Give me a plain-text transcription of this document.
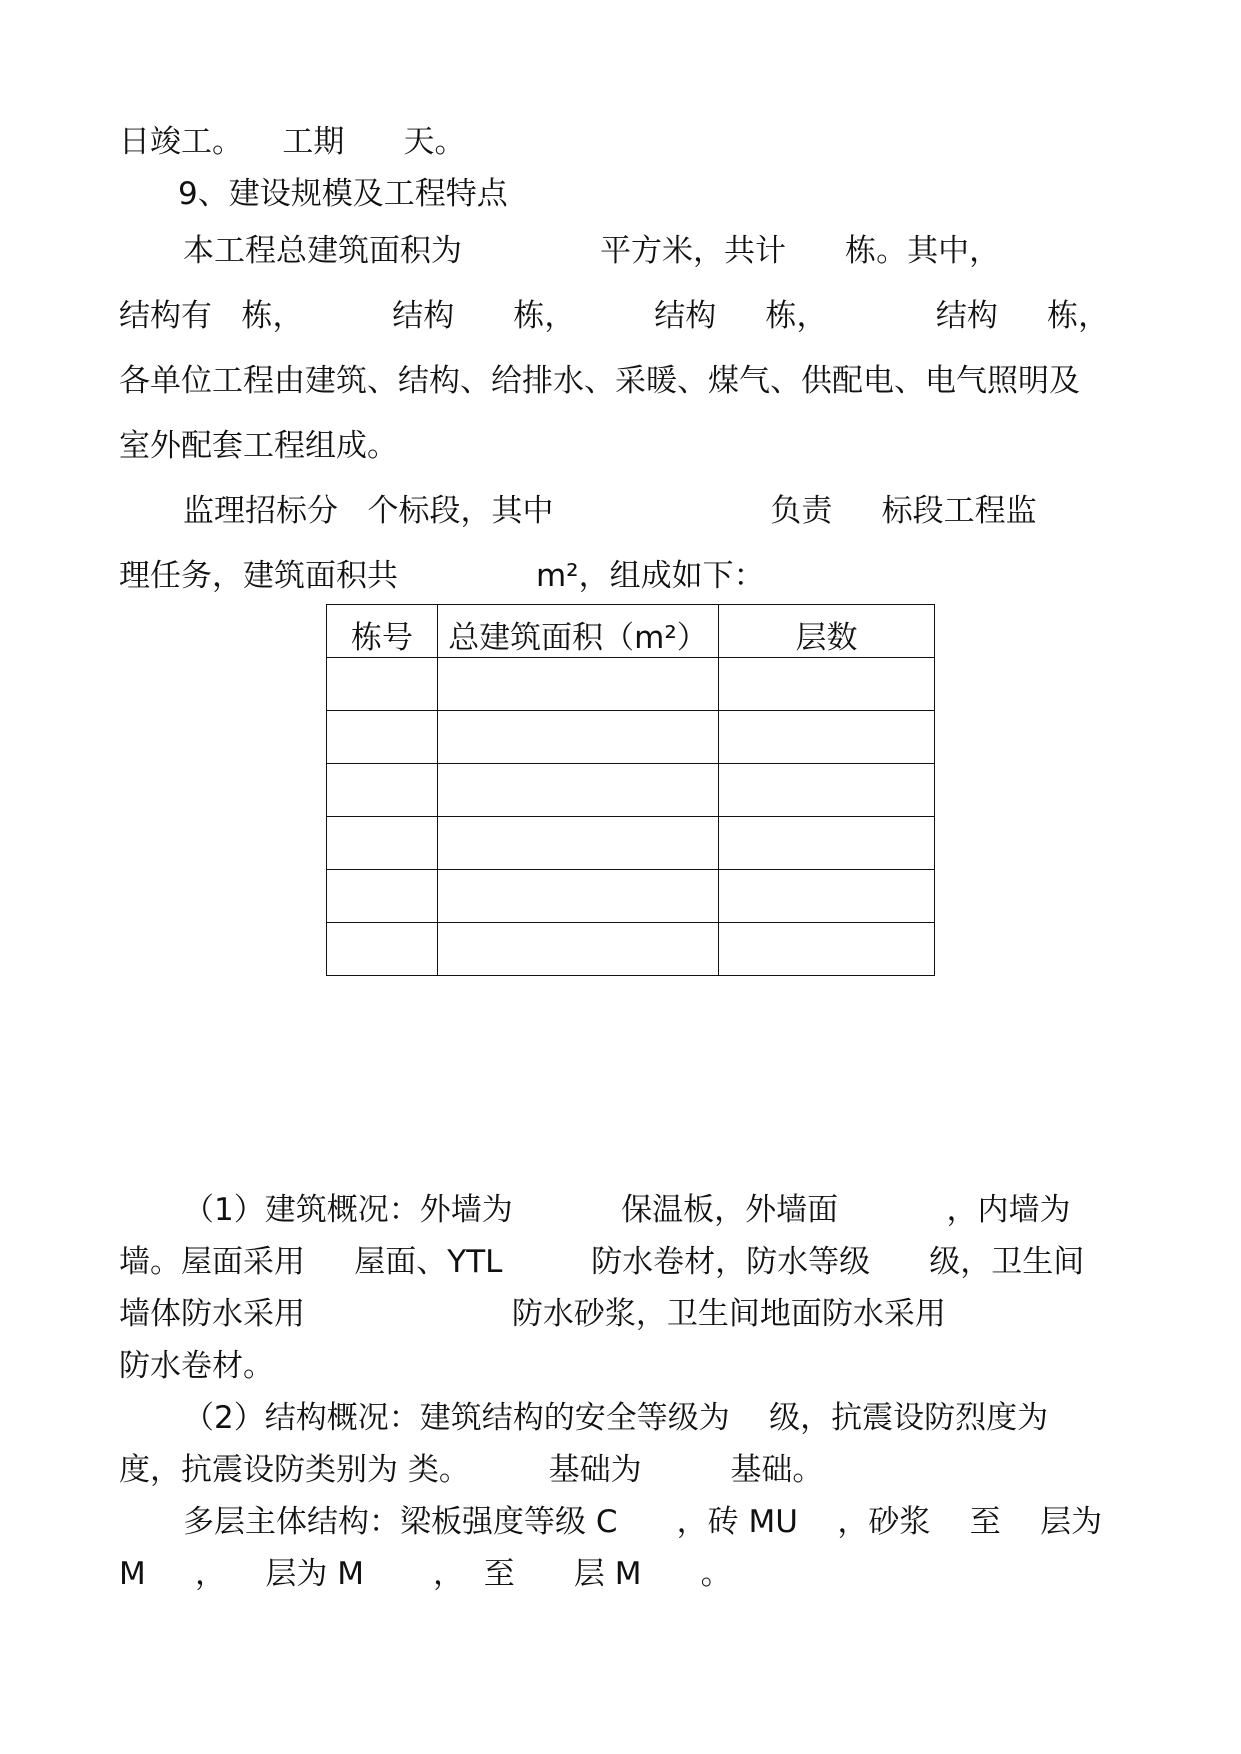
日竣工。    工期      天。
9、建设规模及工程特点
本工程总建筑面积为              平方米，共计      栋。其中，
结构有   栋，         结构      栋，        结构     栋，           结构     栋，
各单位工程由建筑、结构、给排水、采暖、煤气、供配电、电气照明及
室外配套工程组成。
监理招标分   个标段，其中                      负责     标段工程监
理任务，建筑面积共              m²，组成如下：
栋号	总建筑面积（m²）	层数

（1）建筑概况：外墙为           保温板，外墙面           ，内墙为
墙。屋面采用     屋面、YTL         防水卷材，防水等级      级，卫生间
墙体防水采用                     防水砂浆，卫生间地面防水采用
防水卷材。
（2）结构概况：建筑结构的安全等级为    级，抗震设防烈度为
度，抗震设防类别为 类。        基础为         基础。
多层主体结构：梁板强度等级 C      ，砖 MU    ，砂浆    至    层为
M     ，    层为 M       ，  至      层 M      。
